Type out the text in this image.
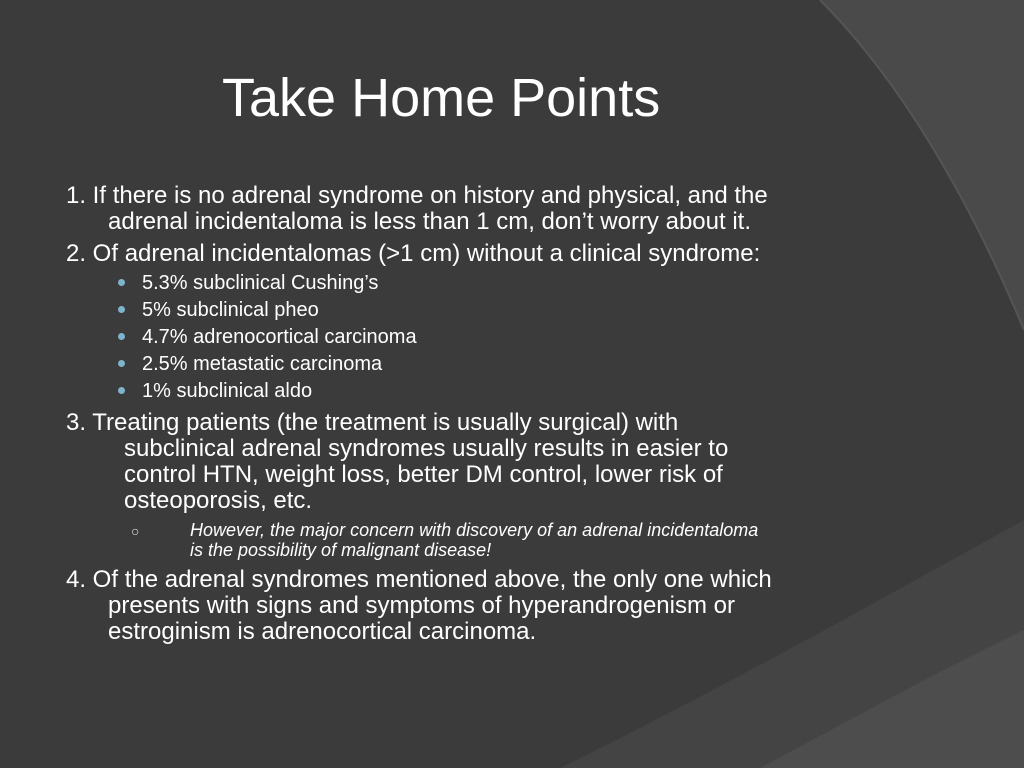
Take Home Points

1. If there is no adrenal syndrome on history and physical, and the

adrenal incidentaloma is less than 1 cm, don’t worry about it.

2. Of adrenal incidentalomas (>1 cm) without a clinical syndrome:

5.3% subclinical Cushing’s

5% subclinical pheo

4.7% adrenocortical carcinoma

2.5% metastatic carcinoma

1% subclinical aldo

3. Treating patients (the treatment is usually surgical) with

subclinical adrenal syndromes usually results in easier to

control HTN, weight loss, better DM control, lower risk of

osteoporosis, etc.

○	However, the major concern with discovery of an adrenal incidentaloma

is the possibility of malignant disease!

4. Of the adrenal syndromes mentioned above, the only one which

presents with signs and symptoms of hyperandrogenism or

estroginism is adrenocortical carcinoma.
